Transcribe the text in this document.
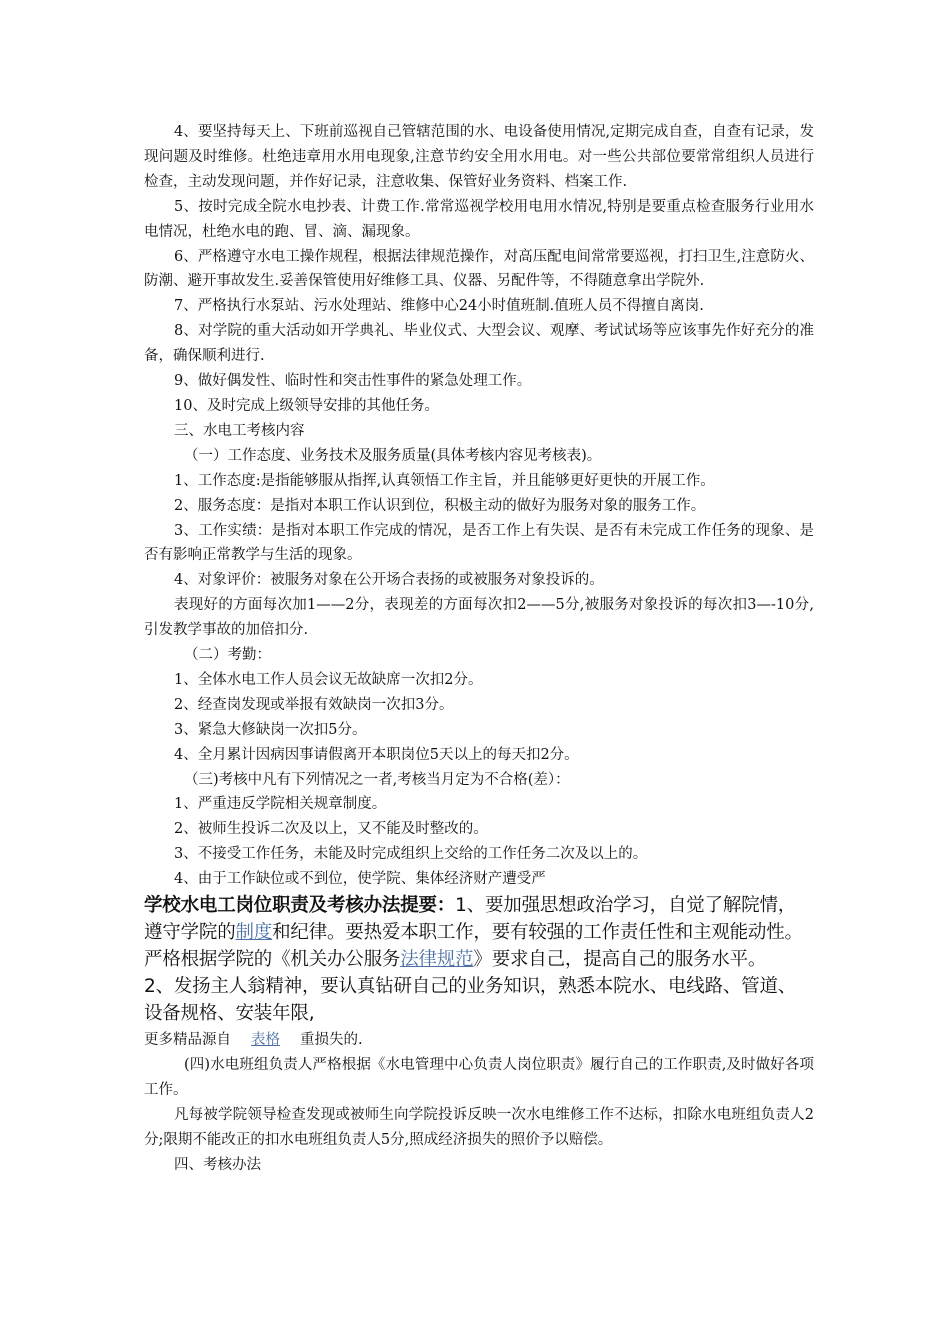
4、要坚持每天上、下班前巡视自己管辖范围的水、电设备使用情况,定期完成自查，自查有记录，发现问题及时维修。杜绝违章用水用电现象,注意节约安全用水用电。对一些公共部位要常常组织人员进行检查，主动发现问题，并作好记录，注意收集、保管好业务资料、档案工作.

5、按时完成全院水电抄表、计费工作.常常巡视学校用电用水情况,特别是要重点检查服务行业用水电情况，杜绝水电的跑、冒、滴、漏现象。

6、严格遵守水电工操作规程，根据法律规范操作，对高压配电间常常要巡视，打扫卫生,注意防火、防潮、避开事故发生.妥善保管使用好维修工具、仪器、另配件等，不得随意拿出学院外.

7、严格执行水泵站、污水处理站、维修中心24小时值班制.值班人员不得擅自离岗.

8、对学院的重大活动如开学典礼、毕业仪式、大型会议、观摩、考试试场等应该事先作好充分的准备，确保顺利进行.

9、做好偶发性、临时性和突击性事件的紧急处理工作。

10、及时完成上级领导安排的其他任务。

三、水电工考核内容

（一）工作态度、业务技术及服务质量(具体考核内容见考核表)。

1、工作态度:是指能够服从指挥,认真领悟工作主旨，并且能够更好更快的开展工作。

2、服务态度：是指对本职工作认识到位，积极主动的做好为服务对象的服务工作。

3、工作实绩：是指对本职工作完成的情况，是否工作上有失误、是否有未完成工作任务的现象、是否有影响正常教学与生活的现象。

4、对象评价：被服务对象在公开场合表扬的或被服务对象投诉的。

表现好的方面每次加1——2分，表现差的方面每次扣2——5分,被服务对象投诉的每次扣3—-10分,引发教学事故的加倍扣分.

（二）考勤：

1、全体水电工作人员会议无故缺席一次扣2分。

2、经查岗发现或举报有效缺岗一次扣3分。

3、紧急大修缺岗一次扣5分。

4、全月累计因病因事请假离开本职岗位5天以上的每天扣2分。

（三)考核中凡有下列情况之一者,考核当月定为不合格(差）：

1、严重违反学院相关规章制度。

2、被师生投诉二次及以上，又不能及时整改的。

3、不接受工作任务，未能及时完成组织上交给的工作任务二次及以上的。

4、由于工作缺位或不到位，使学院、集体经济财产遭受严

学校水电工岗位职责及考核办法提要：1、要加强思想政治学习，自觉了解院情，遵守学院的制度和纪律。要热爱本职工作，要有较强的工作责任性和主观能动性。严格根据学院的《机关办公服务法律规范》要求自己，提高自己的服务水平。

2、发扬主人翁精神，要认真钻研自己的业务知识，熟悉本院水、电线路、管道、设备规格、安装年限,

更多精品源自 表格 重损失的.

(四)水电班组负责人严格根据《水电管理中心负责人岗位职责》履行自己的工作职责,及时做好各项工作。

凡每被学院领导检查发现或被师生向学院投诉反映一次水电维修工作不达标，扣除水电班组负责人2分;限期不能改正的扣水电班组负责人5分,照成经济损失的照价予以赔偿。

四、考核办法
